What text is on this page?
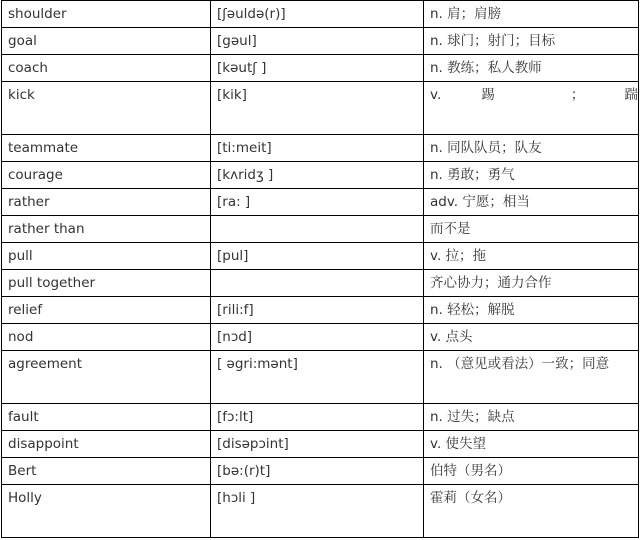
shoulder	[ʃəuldə(r)]	n. 肩；肩膀
goal	[gəul]	n. 球门；射门；目标
coach	[kəutʃ ]	n. 教练；私人教师
kick	[kik]	v. 踢 ； 踹
teammate	[ti:meit]	n. 同队队员；队友
courage	[kʌridʒ ]	n. 勇敢；勇气
rather	[ra: ]	adv. 宁愿；相当
rather than		而不是
pull	[pul]	v. 拉；拖
pull together		齐心协力；通力合作
relief	[rili:f]	n. 轻松；解脱
nod	[nɔd]	v. 点头
agreement	[ əgri:mənt]	n. （意见或看法）一致；同意
fault	[fɔ:lt]	n. 过失；缺点
disappoint	[disəpɔint]	v. 使失望
Bert	[bə:(r)t]	伯特（男名）
Holly	[hɔli ]	霍莉（女名）
